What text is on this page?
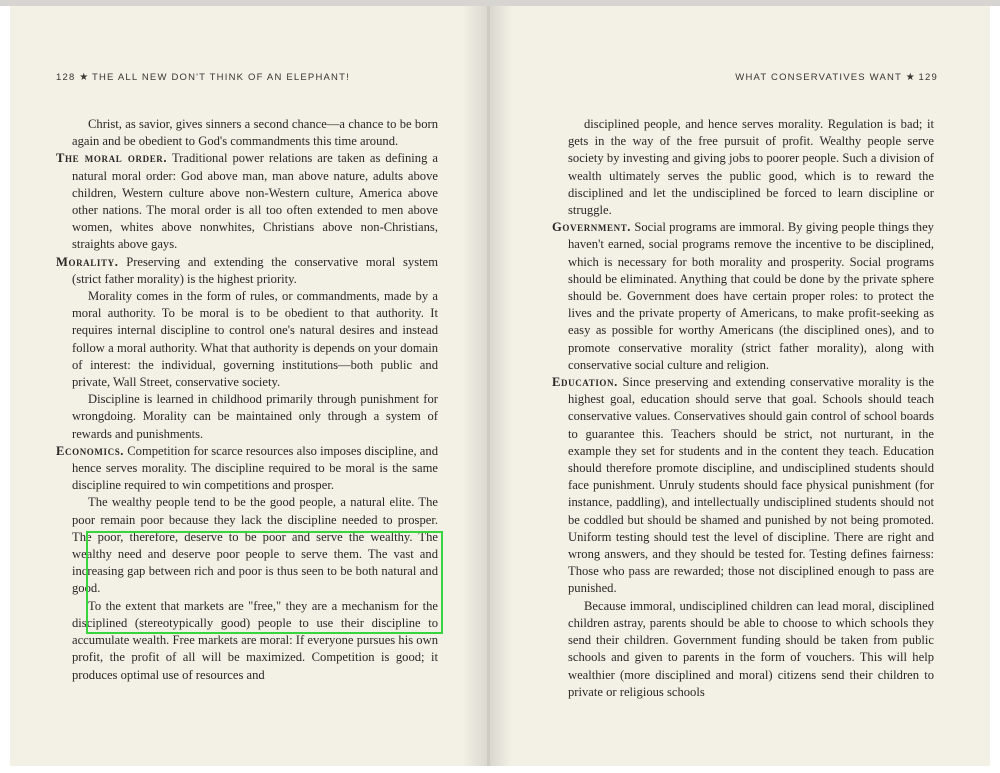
128 ★ THE ALL NEW DON'T THINK OF AN ELEPHANT!

Christ, as savior, gives sinners a second chance—a chance to be born again and be obedient to God's commandments this time around.

The moral order. Traditional power relations are taken as defining a natural moral order: God above man, man above nature, adults above children, Western culture above non-Western culture, America above other nations. The moral order is all too often extended to men above women, whites above nonwhites, Christians above non-Christians, straights above gays.

Morality. Preserving and extending the conservative moral system (strict father morality) is the highest priority.

Morality comes in the form of rules, or commandments, made by a moral authority. To be moral is to be obedient to that authority. It requires internal discipline to control one's natural desires and instead follow a moral authority. What that authority is depends on your domain of interest: the individual, governing institutions—both public and private, Wall Street, conservative society.

Discipline is learned in childhood primarily through punishment for wrongdoing. Morality can be maintained only through a system of rewards and punishments.

Economics. Competition for scarce resources also imposes discipline, and hence serves morality. The discipline required to be moral is the same discipline required to win competitions and prosper.

The wealthy people tend to be the good people, a natural elite. The poor remain poor because they lack the discipline needed to prosper. The poor, therefore, deserve to be poor and serve the wealthy. The wealthy need and deserve poor people to serve them. The vast and increasing gap between rich and poor is thus seen to be both natural and good.

To the extent that markets are "free," they are a mechanism for the disciplined (stereotypically good) people to use their discipline to accumulate wealth. Free markets are moral: If everyone pursues his own profit, the profit of all will be maximized. Competition is good; it produces optimal use of resources and

WHAT CONSERVATIVES WANT ★ 129

disciplined people, and hence serves morality. Regulation is bad; it gets in the way of the free pursuit of profit. Wealthy people serve society by investing and giving jobs to poorer people. Such a division of wealth ultimately serves the public good, which is to reward the disciplined and let the undisciplined be forced to learn discipline or struggle.

Government. Social programs are immoral. By giving people things they haven't earned, social programs remove the incentive to be disciplined, which is necessary for both morality and prosperity. Social programs should be eliminated. Anything that could be done by the private sphere should be. Government does have certain proper roles: to protect the lives and the private property of Americans, to make profit-seeking as easy as possible for worthy Americans (the disciplined ones), and to promote conservative morality (strict father morality), along with conservative social culture and religion.

Education. Since preserving and extending conservative morality is the highest goal, education should serve that goal. Schools should teach conservative values. Conservatives should gain control of school boards to guarantee this. Teachers should be strict, not nurturant, in the example they set for students and in the content they teach. Education should therefore promote discipline, and undisciplined students should face punishment. Unruly students should face physical punishment (for instance, paddling), and intellectually undisciplined students should not be coddled but should be shamed and punished by not being promoted. Uniform testing should test the level of discipline. There are right and wrong answers, and they should be tested for. Testing defines fairness: Those who pass are rewarded; those not disciplined enough to pass are punished.

Because immoral, undisciplined children can lead moral, disciplined children astray, parents should be able to choose to which schools they send their children. Government funding should be taken from public schools and given to parents in the form of vouchers. This will help wealthier (more disciplined and moral) citizens send their children to private or religious schools
